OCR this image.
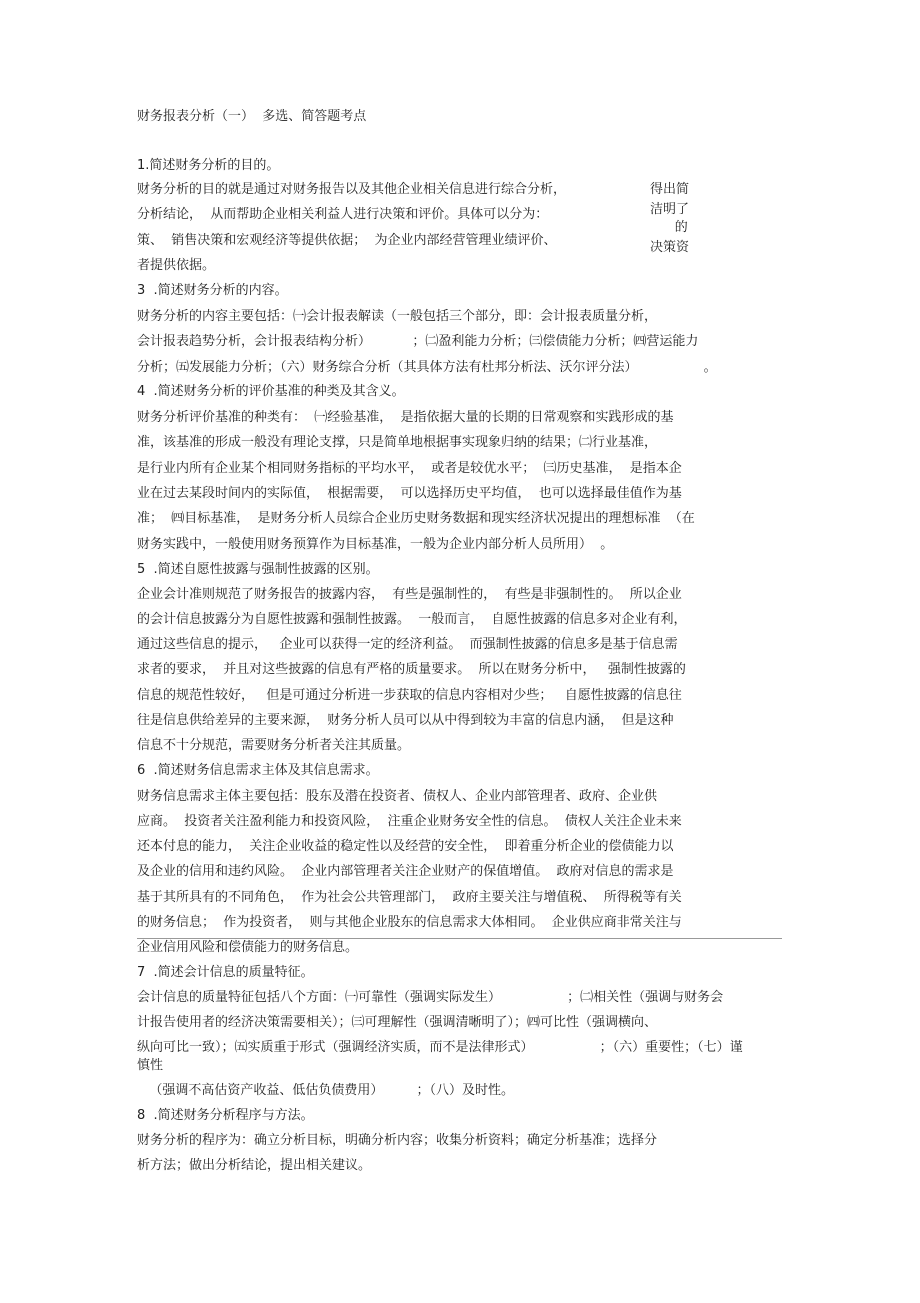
财务报表分析（一）  多选、简答题考点
1.简述财务分析的目的。
财务分析的目的就是通过对财务报告以及其他企业相关信息进行综合分析，
分析结论，  从而帮助企业相关利益人进行决策和评价。具体可以分为：
策、  销售决策和宏观经济等提供依据；  为企业内部经营管理业绩评价、
者提供依据。
3  .简述财务分析的内容。
财务分析的内容主要包括：㈠会计报表解读（一般包括三个部分，即：会计报表质量分析，
会计报表趋势分析，会计报表结构分析）          ；㈡盈利能力分析；㈢偿债能力分析；㈣营运能力
分析；㈤发展能力分析；（六）财务综合分析（其具体方法有杜邦分析法、沃尔评分法）                。
4  .简述财务分析的评价基准的种类及其含义。
财务分析评价基准的种类有：  ㈠经验基准，  是指依据大量的长期的日常观察和实践形成的基
准，该基准的形成一般没有理论支撑，只是简单地根据事实现象归纳的结果；㈡行业基准，
是行业内所有企业某个相同财务指标的平均水平，  或者是较优水平；  ㈢历史基准，  是指本企
业在过去某段时间内的实际值，  根据需要，  可以选择历史平均值，  也可以选择最佳值作为基
准；  ㈣目标基准，  是财务分析人员综合企业历史财务数据和现实经济状况提出的理想标准  （在
财务实践中，一般使用财务预算作为目标基准，一般为企业内部分析人员所用）  。
5  .简述自愿性披露与强制性披露的区别。
企业会计准则规范了财务报告的披露内容，  有些是强制性的，  有些是非强制性的。  所以企业
的会计信息披露分为自愿性披露和强制性披露。  一般而言，  自愿性披露的信息多对企业有利，
通过这些信息的提示，   企业可以获得一定的经济利益。  而强制性披露的信息多是基于信息需
求者的要求，  并且对这些披露的信息有严格的质量要求。  所以在财务分析中，   强制性披露的
信息的规范性较好，   但是可通过分析进一步获取的信息内容相对少些；   自愿性披露的信息往
往是信息供给差异的主要来源，  财务分析人员可以从中得到较为丰富的信息内涵，  但是这种
信息不十分规范，需要财务分析者关注其质量。
6  .简述财务信息需求主体及其信息需求。
财务信息需求主体主要包括：股东及潜在投资者、债权人、企业内部管理者、政府、企业供
应商。  投资者关注盈利能力和投资风险，  注重企业财务安全性的信息。  债权人关注企业未来
还本付息的能力，  关注企业收益的稳定性以及经营的安全性，  即着重分析企业的偿债能力以
及企业的信用和违约风险。  企业内部管理者关注企业财产的保值增值。  政府对信息的需求是
基于其所具有的不同角色，  作为社会公共管理部门，  政府主要关注与增值税、  所得税等有关
的财务信息；  作为投资者，  则与其他企业股东的信息需求大体相同。  企业供应商非常关注与
企业信用风险和偿债能力的财务信息。
7  .简述会计信息的质量特征。
会计信息的质量特征包括八个方面：㈠可靠性（强调实际发生）                ；㈡相关性（强调与财务会
计报告使用者的经济决策需要相关）；㈢可理解性（强调清晰明了）；㈣可比性（强调横向、
纵向可比一致）；㈤实质重于形式（强调经济实质，而不是法律形式）                ；（六）重要性；（七）谨
慎性
（强调不高估资产收益、低估负债费用）        ；（八）及时性。
8  .简述财务分析程序与方法。
财务分析的程序为：确立分析目标，明确分析内容；收集分析资料；确定分析基准；选择分
析方法；做出分析结论，提出相关建议。
得出简
洁明了
的
决策资
